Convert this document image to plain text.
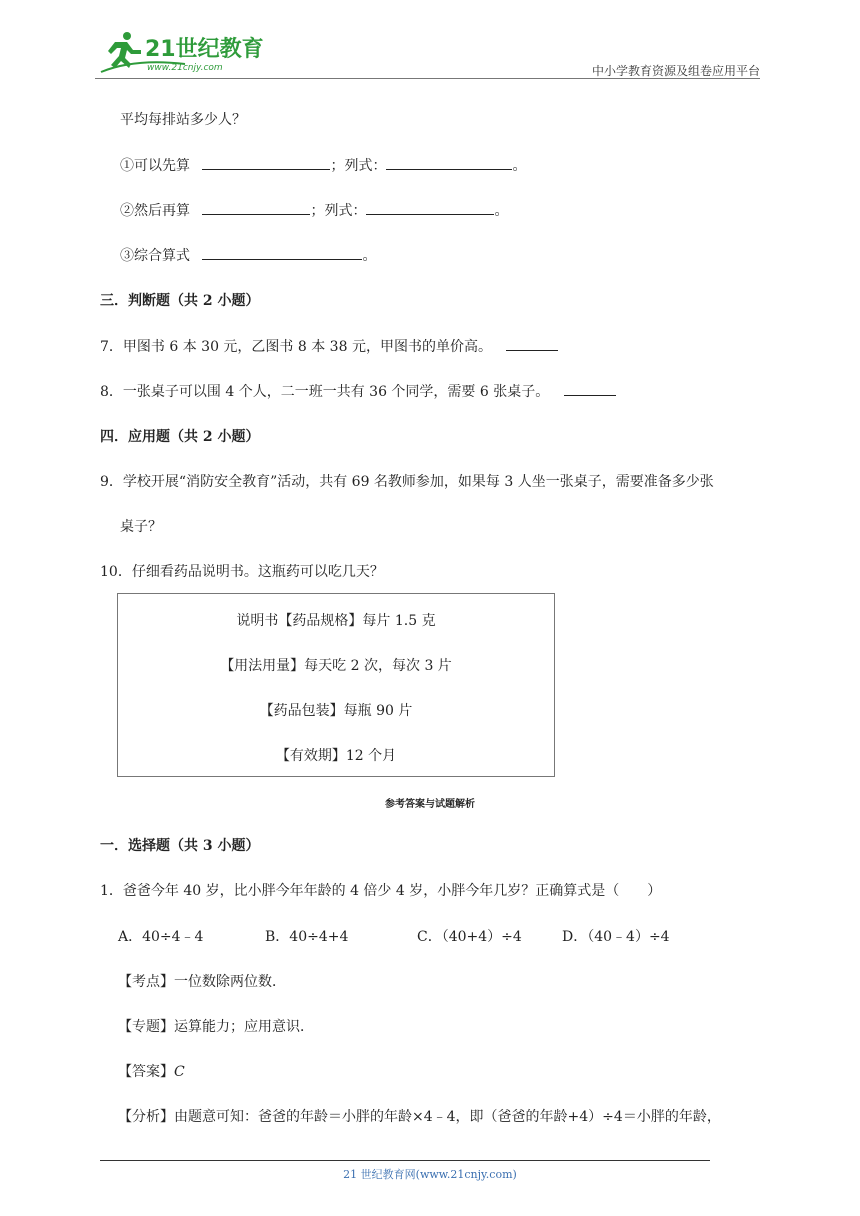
21世纪教育
www.21cnjy.com	中小学教育资源及组卷应用平台
平均每排站多少人？
①可以先算	；列式：	。
②然后再算	；列式：	。
③综合算式	。
三．判断题（共 2 小题）
7．甲图书 6 本 30 元，乙图书 8 本 38 元，甲图书的单价高。
8．一张桌子可以围 4 个人，二一班一共有 36 个同学，需要 6 张桌子。
四．应用题（共 2 小题）
9．学校开展“消防安全教育”活动，共有 69 名教师参加，如果每 3 人坐一张桌子，需要准备多少张
桌子？
10．仔细看药品说明书。这瓶药可以吃几天？
说明书【药品规格】每片 1.5 克
【用法用量】每天吃 2 次，每次 3 片
【药品包装】每瓶 90 片
【有效期】12 个月
参考答案与试题解析
一．选择题（共 3 小题）
1．爸爸今年 40 岁，比小胖今年年龄的 4 倍少 4 岁，小胖今年几岁？正确算式是（　　）
A．40÷4﹣4	B．40÷4+4	C．（40+4）÷4	D．（40﹣4）÷4
【考点】一位数除两位数．
【专题】运算能力；应用意识．
【答案】C
【分析】由题意可知：爸爸的年龄＝小胖的年龄×4﹣4，即（爸爸的年龄+4）÷4＝小胖的年龄，
21 世纪教育网(www.21cnjy.com)
